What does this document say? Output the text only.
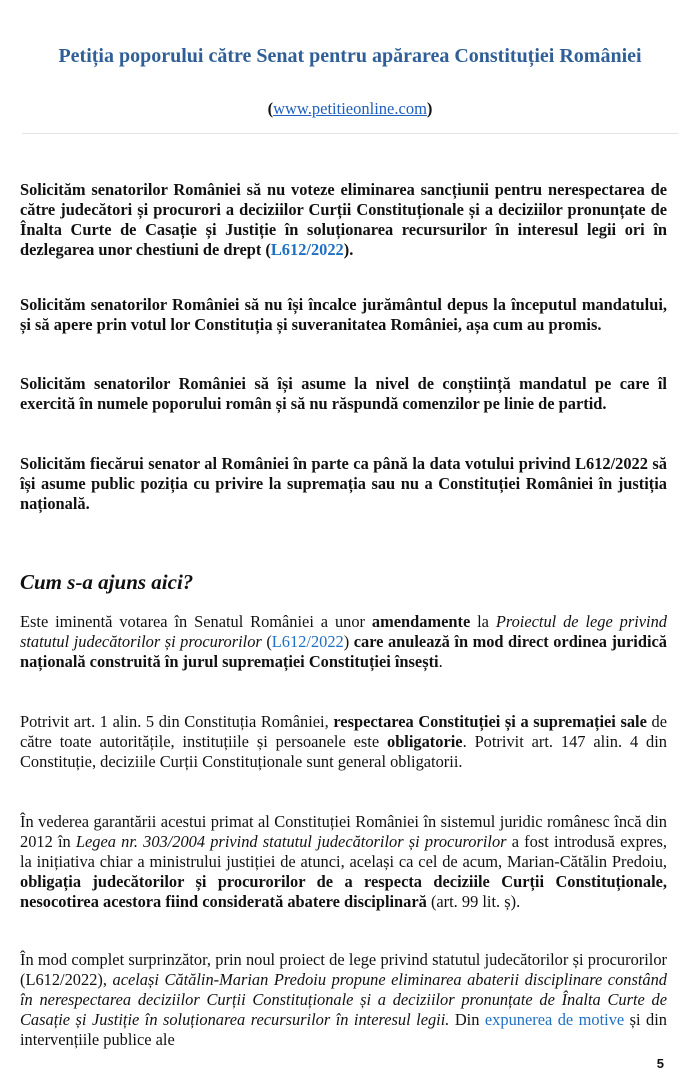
Petiția poporului către Senat pentru apărarea Constituției României
(www.petitieonline.com)
Solicităm senatorilor României să nu voteze eliminarea sancțiunii pentru nerespectarea de către judecători și procurori a deciziilor Curții Constituționale și a deciziilor pronunțate de Înalta Curte de Casație și Justiție în soluționarea recursurilor în interesul legii ori în dezlegarea unor chestiuni de drept (L612/2022).
Solicităm senatorilor României să nu își încalce jurământul depus la începutul mandatului, și să apere prin votul lor Constituția și suveranitatea României, așa cum au promis.
Solicităm senatorilor României să își asume la nivel de conștiință mandatul pe care îl exercită în numele poporului român și să nu răspundă comenzilor pe linie de partid.
Solicităm fiecărui senator al României în parte ca până la data votului privind L612/2022 să își asume public poziția cu privire la supremația sau nu a Constituției României în justiția națională.
Cum s-a ajuns aici?
Este iminentă votarea în Senatul României a unor amendamente la Proiectul de lege privind statutul judecătorilor și procurorilor (L612/2022) care anulează în mod direct ordinea juridică națională construită în jurul supremației Constituției însești.
Potrivit art. 1 alin. 5 din Constituția României, respectarea Constituției și a supremației sale de către toate autoritățile, instituțiile și persoanele este obligatorie. Potrivit art. 147 alin. 4 din Constituție, deciziile Curții Constituționale sunt general obligatorii.
În vederea garantării acestui primat al Constituției României în sistemul juridic românesc încă din 2012 în Legea nr. 303/2004 privind statutul judecătorilor și procurorilor a fost introdusă expres, la inițiativa chiar a ministrului justiției de atunci, același ca cel de acum, Marian-Cătălin Predoiu, obligația judecătorilor și procurorilor de a respecta deciziile Curții Constituționale, nesocotirea acestora fiind considerată abatere disciplinară (art. 99 lit. ș).
În mod complet surprinzător, prin noul proiect de lege privind statutul judecătorilor și procurorilor (L612/2022), același Cătălin-Marian Predoiu propune eliminarea abaterii disciplinare constând în nerespectarea deciziilor Curții Constituționale și a deciziilor pronunțate de Înalta Curte de Casație și Justiție în soluționarea recursurilor în interesul legii. Din expunerea de motive și din intervențiile publice ale
5
